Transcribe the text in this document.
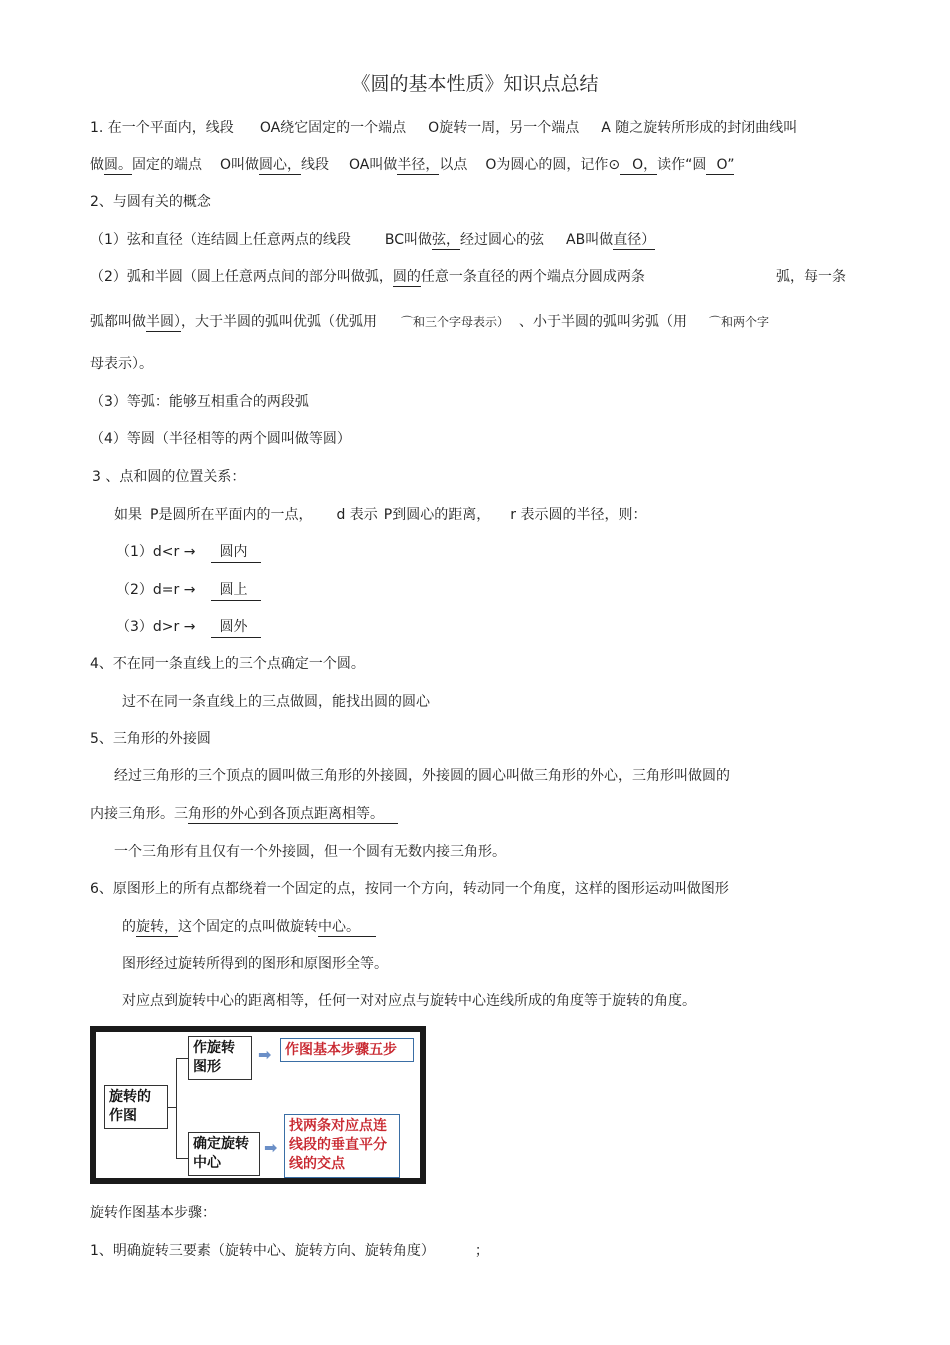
《圆的基本性质》知识点总结
1. 在一个平面内，线段 OA绕它固定的一个端点 O旋转一周，另一个端点 A 随之旋转所形成的封闭曲线叫
做圆。固定的端点 O叫做圆心，线段 OA叫做半径，以点 O为圆心的圆，记作⊙ O，读作“圆 O”
2、与圆有关的概念
（1）弦和直径（连结圆上任意两点的线段 BC叫做弦，经过圆心的弦 AB叫做直径）
（2）弧和半圆（圆上任意两点间的部分叫做弧，圆的任意一条直径的两个端点分圆成两条	弧，每一条
弧都叫做半圆），大于半圆的弧叫优弧（优弧用 ⌒和三个字母表示） 、小于半圆的弧叫劣弧（用 ⌒和两个字
母表示）。
（3）等弧：能够互相重合的两段弧
（4）等圆（半径相等的两个圆叫做等圆）
3 、点和圆的位置关系：
如果 P是圆所在平面内的一点， d 表示 P到圆心的距离， r 表示圆的半径，则：
（1）d<r → 圆内
（2）d=r → 圆上
（3）d>r → 圆外
4、不在同一条直线上的三个点确定一个圆。
过不在同一条直线上的三点做圆，能找出圆的圆心
5、三角形的外接圆
经过三角形的三个顶点的圆叫做三角形的外接圆，外接圆的圆心叫做三角形的外心，三角形叫做圆的
内接三角形。三角形的外心到各顶点距离相等。
一个三角形有且仅有一个外接圆，但一个圆有无数内接三角形。
6、原图形上的所有点都绕着一个固定的点，按同一个方向，转动同一个角度，这样的图形运动叫做图形
的旋转，这个固定的点叫做旋转中心。
图形经过旋转所得到的图形和原图形全等。
对应点到旋转中心的距离相等，任何一对对应点与旋转中心连线所成的角度等于旋转的角度。
旋转的
作图
作旋转
图形
➡ 作图基本步骤五步
确定旋转
中心
➡
找两条对应点连
线段的垂直平分
线的交点
旋转作图基本步骤：
1、明确旋转三要素（旋转中心、旋转方向、旋转角度）	；
